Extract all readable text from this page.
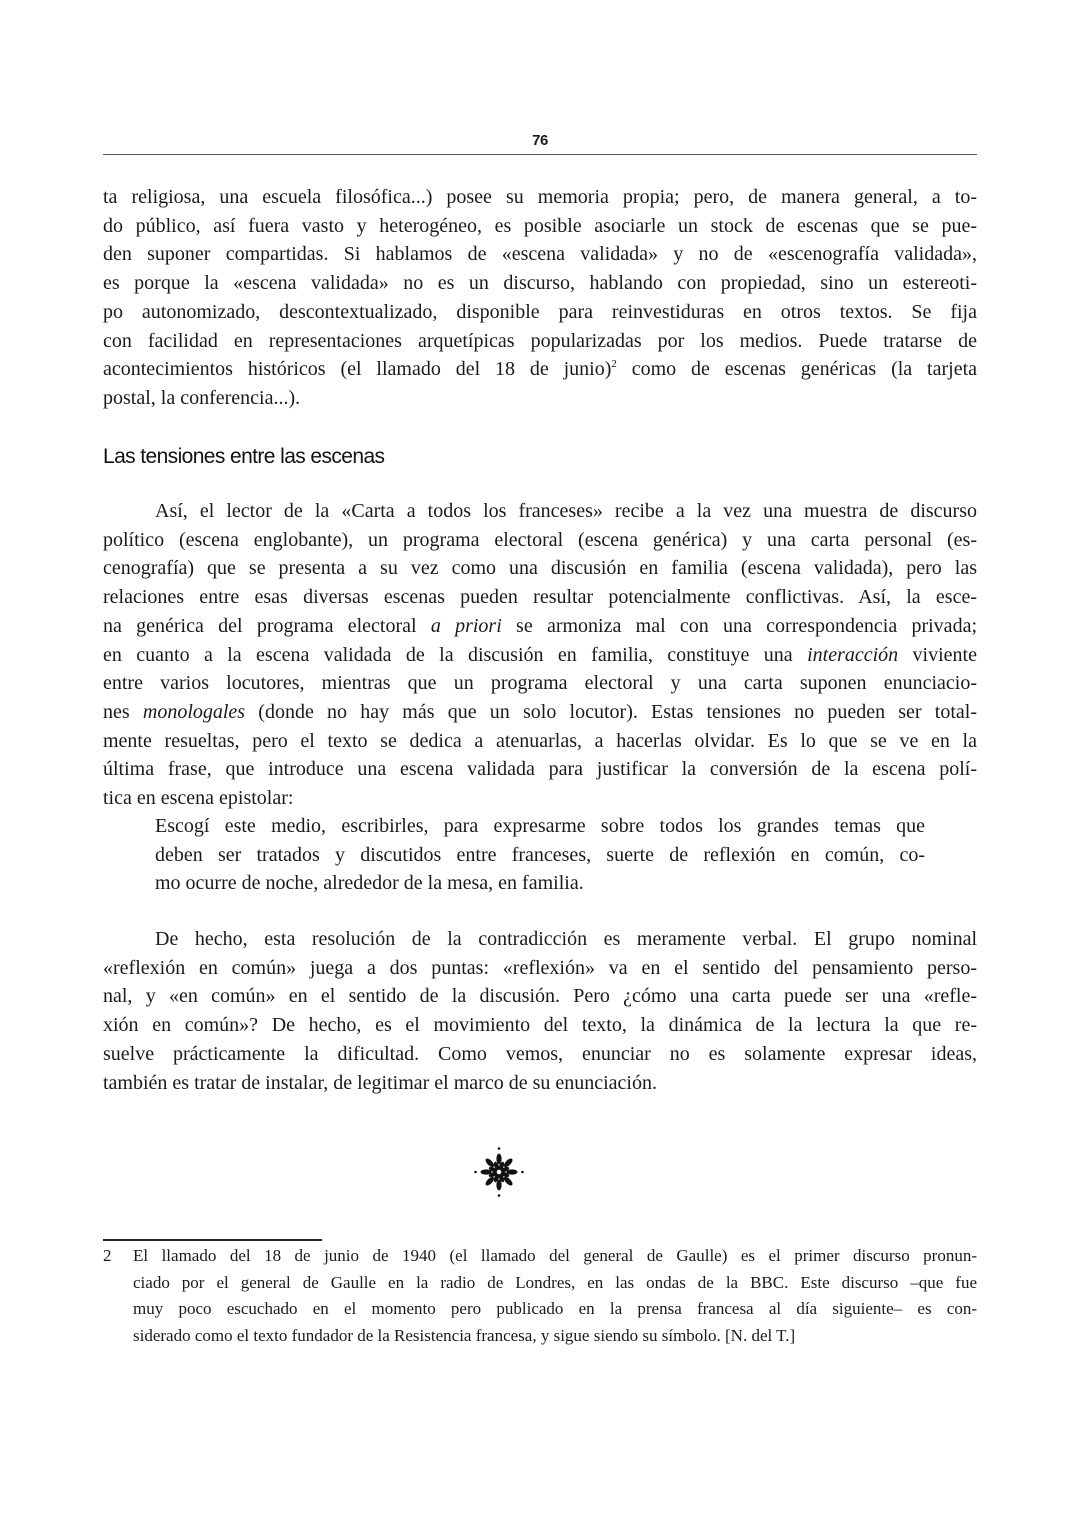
76
ta religiosa, una escuela filosófica...) posee su memoria propia; pero, de manera general, a to-
do público, así fuera vasto y heterogéneo, es posible asociarle un stock de escenas que se pue-
den suponer compartidas. Si hablamos de «escena validada» y no de «escenografía validada»,
es porque la «escena validada» no es un discurso, hablando con propiedad, sino un estereoti-
po autonomizado, descontextualizado, disponible para reinvestiduras en otros textos. Se fija
con facilidad en representaciones arquetípicas popularizadas por los medios. Puede tratarse de
acontecimientos históricos (el llamado del 18 de junio)$^2$ como de escenas genéricas (la tarjeta
postal, la conferencia...).
Las tensiones entre las escenas
Así, el lector de la «Carta a todos los franceses» recibe a la vez una muestra de discurso
político (escena englobante), un programa electoral (escena genérica) y una carta personal (es-
cenografía) que se presenta a su vez como una discusión en familia (escena validada), pero las
relaciones entre esas diversas escenas pueden resultar potencialmente conflictivas. Así, la esce-
na genérica del programa electoral a priori se armoniza mal con una correspondencia privada;
en cuanto a la escena validada de la discusión en familia, constituye una interacción viviente
entre varios locutores, mientras que un programa electoral y una carta suponen enunciacio-
nes monologales (donde no hay más que un solo locutor). Estas tensiones no pueden ser total-
mente resueltas, pero el texto se dedica a atenuarlas, a hacerlas olvidar. Es lo que se ve en la
última frase, que introduce una escena validada para justificar la conversión de la escena polí-
tica en escena epistolar:
Escogí este medio, escribirles, para expresarme sobre todos los grandes temas que
deben ser tratados y discutidos entre franceses, suerte de reflexión en común, co-
mo ocurre de noche, alrededor de la mesa, en familia.
De hecho, esta resolución de la contradicción es meramente verbal. El grupo nominal
«reflexión en común» juega a dos puntas: «reflexión» va en el sentido del pensamiento perso-
nal, y «en común» en el sentido de la discusión. Pero ¿cómo una carta puede ser una «refle-
xión en común»? De hecho, es el movimiento del texto, la dinámica de la lectura la que re-
suelve prácticamente la dificultad. Como vemos, enunciar no es solamente expresar ideas,
también es tratar de instalar, de legitimar el marco de su enunciación.
2 El llamado del 18 de junio de 1940 (el llamado del general de Gaulle) es el primer discurso pronun-
ciado por el general de Gaulle en la radio de Londres, en las ondas de la BBC. Este discurso –que fue
muy poco escuchado en el momento pero publicado en la prensa francesa al día siguiente– es con-
siderado como el texto fundador de la Resistencia francesa, y sigue siendo su símbolo. [N. del T.]
